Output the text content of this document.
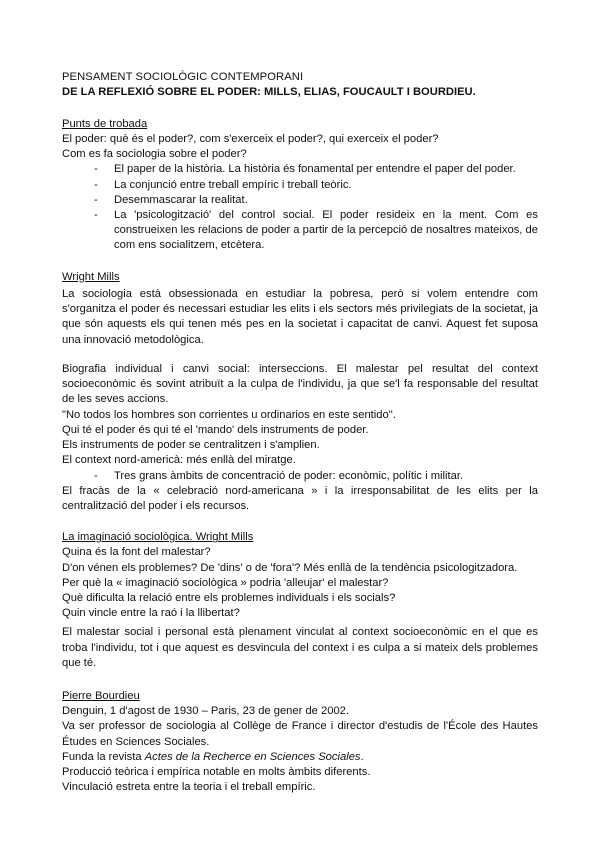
PENSAMENT SOCIOLÒGIC CONTEMPORANI

DE LA REFLEXIÓ SOBRE EL PODER: MILLS, ELIAS, FOUCAULT I BOURDIEU.

Punts de trobada

El poder: què és el poder?, com s'exerceix el poder?, qui exerceix el poder?

Com es fa sociologia sobre el poder?

- El paper de la història. La història és fonamental per entendre el paper del poder.
- La conjunció entre treball empíric i treball teòric.
- Desemmascarar la realitat.
- La 'psicologització' del control social. El poder resideix en la ment. Com es construeixen les relacions de poder a partir de la percepció de nosaltres mateixos, de com ens socialitzem, etcètera.

Wright Mills

La sociologia està obsessionada en estudiar la pobresa, però si volem entendre com s'organitza el poder és necessari estudiar les elits i els sectors més privilegiats de la societat, ja que són aquests els qui tenen més pes en la societat i capacitat de canvi. Aquest fet suposa una innovació metodològica.

Biografia individual i canvi social: interseccions. El malestar pel resultat del context socioeconòmic és sovint atribuït a la culpa de l'individu, ja que se'l fa responsable del resultat de les seves accions.

"No todos los hombres son corrientes u ordinarios en este sentido".

Qui té el poder és qui té el 'mando' dels instruments de poder.

Els instruments de poder se centralitzen i s'amplien.

El context nord-americà: més enllà del miratge.

- Tres grans àmbits de concentració de poder: econòmic, polític i militar.

El fracàs de la « celebració nord-americana » i la irresponsabilitat de les elits per la centralització del poder i els recursos.

La imaginació sociològica. Wright Mills

Quina és la font del malestar?

D'on vénen els problemes? De 'dins' o de 'fora'? Més enllà de la tendència psicologitzadora.

Per què la « imaginació sociològica » podria 'alleujar' el malestar?

Què dificulta la relació entre els problemes individuals i els socials?

Quin vincle entre la raó i la llibertat?

El malestar social i personal està plenament vinculat al context socioeconòmic en el que es troba l'individu, tot i que aquest es desvincula del context i es culpa a si mateix dels problemes que té.

Pierre Bourdieu

Denguin, 1 d'agost de 1930 – Paris, 23 de gener de 2002.

Va ser professor de sociologia al Collège de France i director d'estudis de l'École des Hautes Études en Sciences Sociales.

Funda la revista Actes de la Recherce en Sciences Sociales.

Producció teòrica i empírica notable en molts àmbits diferents.

Vinculació estreta entre la teoria i el treball empíric.
